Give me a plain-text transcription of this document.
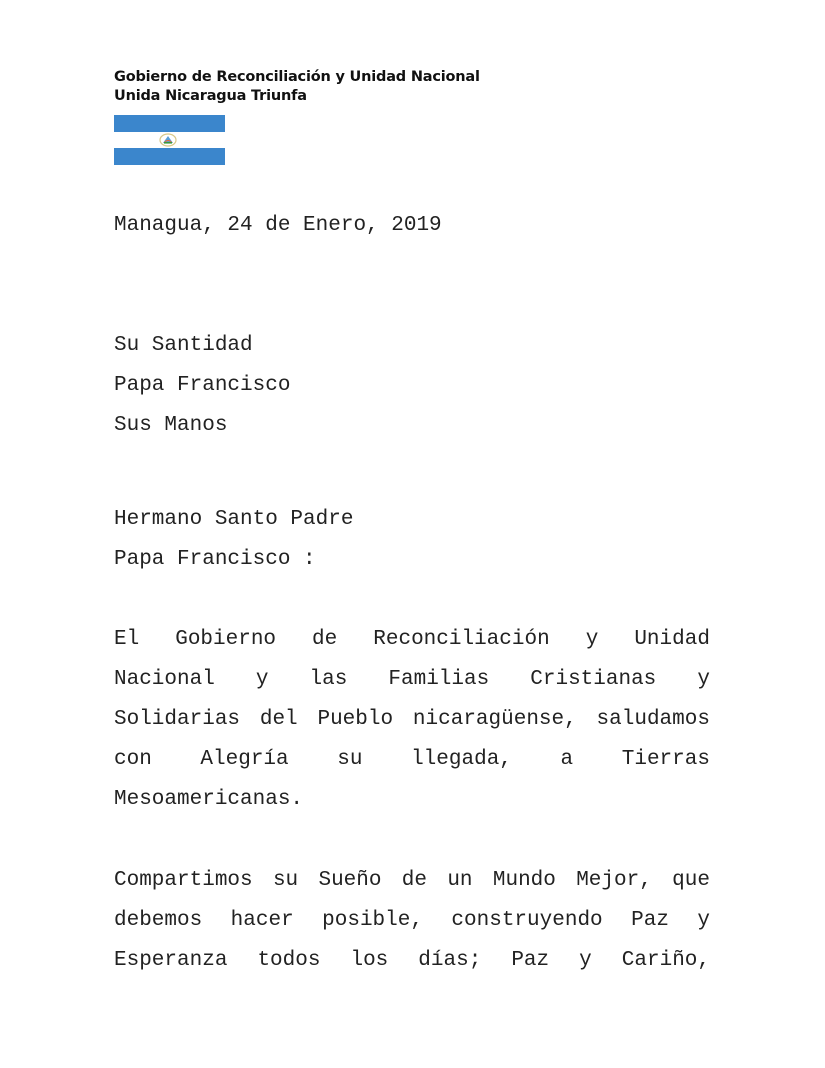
Gobierno de Reconciliación y Unidad Nacional
Unida Nicaragua Triunfa
Managua, 24 de Enero, 2019
Su Santidad
Papa Francisco
Sus Manos
Hermano Santo Padre
Papa Francisco :
El Gobierno de Reconciliación y Unidad
Nacional y las Familias Cristianas y
Solidarias del Pueblo nicaragüense, saludamos
con Alegría su llegada, a Tierras
Mesoamericanas.
Compartimos su Sueño de un Mundo Mejor, que
debemos hacer posible, construyendo Paz y
Esperanza todos los días; Paz y Cariño,
